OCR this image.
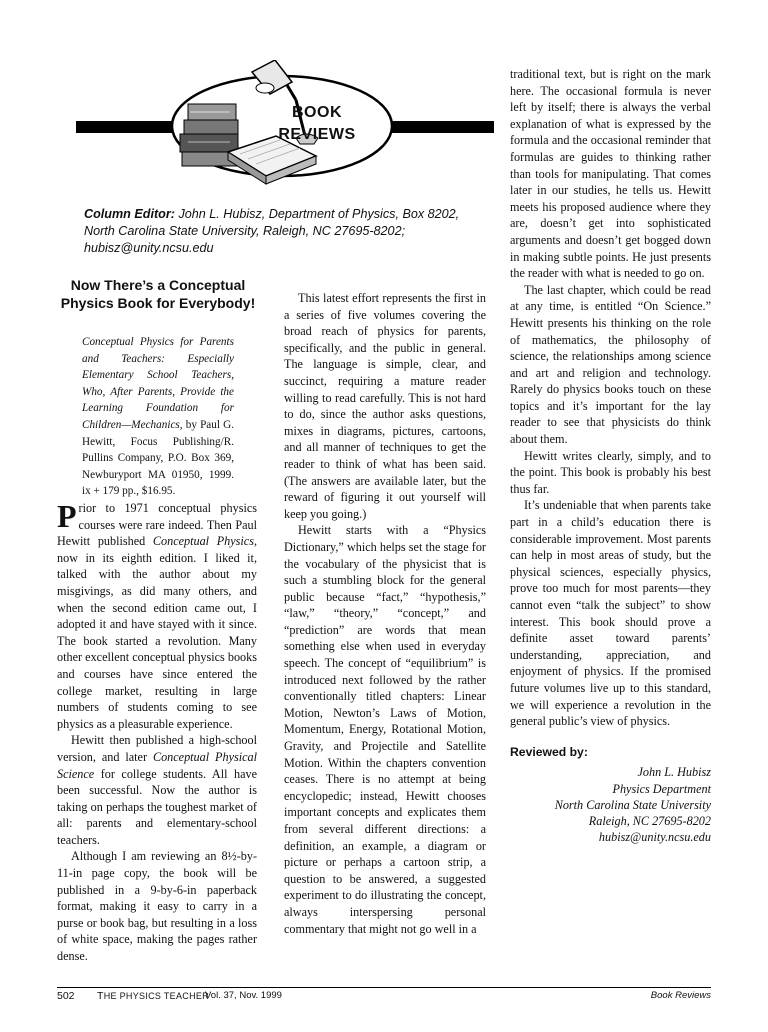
BOOK
REVIEWS
Column Editor: John L. Hubisz, Department of Physics, Box 8202, North Carolina State University, Raleigh, NC 27695-8202; hubisz@unity.ncsu.edu
Now There’s a Conceptual Physics Book for Everybody!
Conceptual Physics for Parents and Teachers: Especially Elementary School Teachers, Who, After Parents, Provide the Learning Foundation for Children—Mechanics, by Paul G. Hewitt, Focus Publishing/R. Pullins Company, P.O. Box 369, Newburyport MA 01950, 1999. ix + 179 pp., $16.95.

Prior to 1971 conceptual physics courses were rare indeed. Then Paul Hewitt published Conceptual Physics, now in its eighth edition. I liked it, talked with the author about my misgivings, as did many others, and when the second edition came out, I adopted it and have stayed with it since. The book started a revolution. Many other excellent conceptual physics books and courses have since entered the college market, resulting in large numbers of students coming to see physics as a pleasurable experience.

Hewitt then published a high-school version, and later Conceptual Physical Science for college students. All have been successful. Now the author is taking on perhaps the toughest market of all: parents and elementary-school teachers.

Although I am reviewing an 8½-by-11-in page copy, the book will be published in a 9-by-6-in paperback format, making it easy to carry in a purse or book bag, but resulting in a loss of white space, making the pages rather dense.

This latest effort represents the first in a series of five volumes covering the broad reach of physics for parents, specifically, and the public in general. The language is simple, clear, and succinct, requiring a mature reader willing to read carefully. This is not hard to do, since the author asks questions, mixes in diagrams, pictures, cartoons, and all manner of techniques to get the reader to think of what has been said. (The answers are available later, but the reward of figuring it out yourself will keep you going.)

Hewitt starts with a “Physics Dictionary,” which helps set the stage for the vocabulary of the physicist that is such a stumbling block for the general public because “fact,” “hypothesis,” “law,” “theory,” “concept,” and “prediction” are words that mean something else when used in everyday speech. The concept of “equilibrium” is introduced next followed by the rather conventionally titled chapters: Linear Motion, Newton’s Laws of Motion, Momentum, Energy, Rotational Motion, Gravity, and Projectile and Satellite Motion. Within the chapters convention ceases. There is no attempt at being encyclopedic; instead, Hewitt chooses important concepts and explicates them from several different directions: a definition, an example, a diagram or picture or perhaps a cartoon strip, a question to be answered, a suggested experiment to do illustrating the concept, always interspersing personal commentary that might not go well in a

traditional text, but is right on the mark here. The occasional formula is never left by itself; there is always the verbal explanation of what is expressed by the formula and the occasional reminder that formulas are guides to thinking rather than tools for manipulating. That comes later in our studies, he tells us. Hewitt meets his proposed audience where they are, doesn’t get into sophisticated arguments and doesn’t get bogged down in making subtle points. He just presents the reader with what is needed to go on.

The last chapter, which could be read at any time, is entitled “On Science.” Hewitt presents his thinking on the role of mathematics, the philosophy of science, the relationships among science and art and religion and technology. Rarely do physics books touch on these topics and it’s important for the lay reader to see that physicists do think about them.

Hewitt writes clearly, simply, and to the point. This book is probably his best thus far.

It’s undeniable that when parents take part in a child’s education there is considerable improvement. Most parents can help in most areas of study, but the physical sciences, especially physics, prove too much for most parents—they cannot even “talk the subject” to show interest. This book should prove a definite asset toward parents’ understanding, appreciation, and enjoyment of physics. If the promised future volumes live up to this standard, we will experience a revolution in the general public’s view of physics.

Reviewed by:
John L. Hubisz
Physics Department
North Carolina State University
Raleigh, NC 27695-8202
hubisz@unity.ncsu.edu
502 THE PHYSICS TEACHER
Vol. 37, Nov. 1999	Book Reviews
